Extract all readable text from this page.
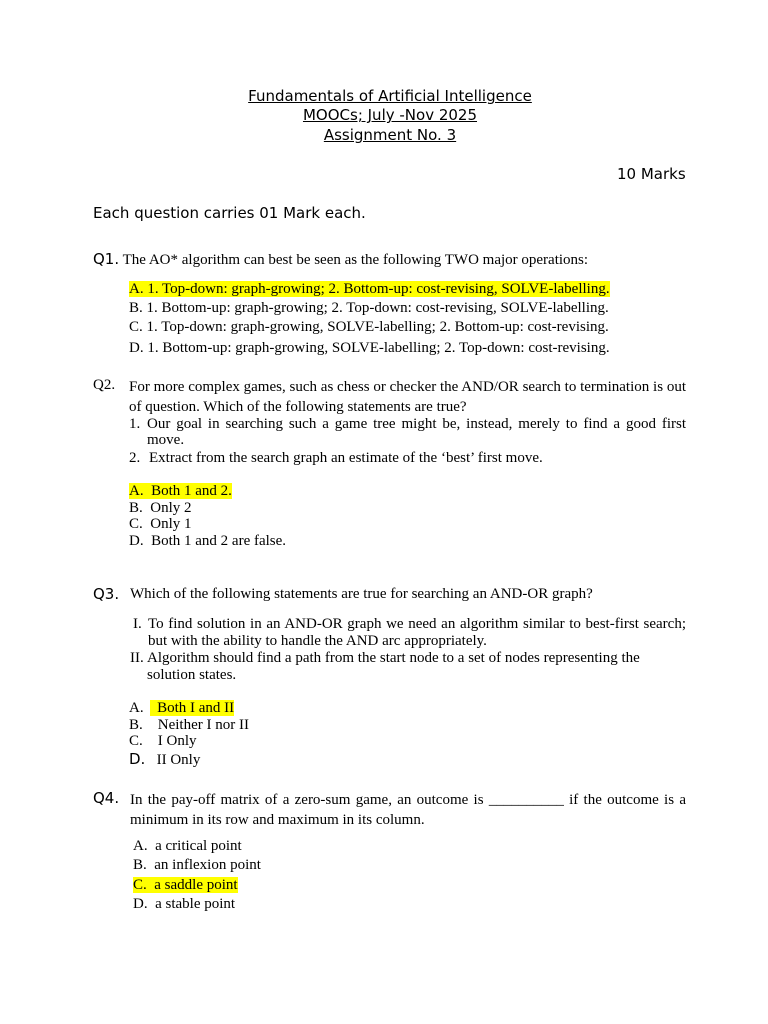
Fundamentals of Artificial Intelligence
MOOCs; July -Nov 2025
Assignment No. 3
10 Marks
Each question carries 01 Mark each.
Q1. The AO* algorithm can best be seen as the following TWO major operations:
A. 1. Top-down: graph-growing; 2. Bottom-up: cost-revising, SOLVE-labelling.
B. 1. Bottom-up: graph-growing; 2. Top-down: cost-revising, SOLVE-labelling.
C. 1. Top-down: graph-growing, SOLVE-labelling; 2. Bottom-up: cost-revising.
D. 1. Bottom-up: graph-growing, SOLVE-labelling; 2. Top-down: cost-revising.
Q2. For more complex games, such as chess or checker the AND/OR search to termination is out of question. Which of the following statements are true?
1. Our goal in searching such a game tree might be, instead, merely to find a good first move.
2. Extract from the search graph an estimate of the ‘best’ first move.
A. Both 1 and 2.
B. Only 2
C. Only 1
D. Both 1 and 2 are false.
Q3. Which of the following statements are true for searching an AND-OR graph?
I. To find solution in an AND-OR graph we need an algorithm similar to best-first search; but with the ability to handle the AND arc appropriately.
II. Algorithm should find a path from the start node to a set of nodes representing the solution states.
A. Both I and II
B. Neither I nor II
C. I Only
D. II Only
Q4. In the pay-off matrix of a zero-sum game, an outcome is __________ if the outcome is a minimum in its row and maximum in its column.
A. a critical point
B. an inflexion point
C. a saddle point
D. a stable point
